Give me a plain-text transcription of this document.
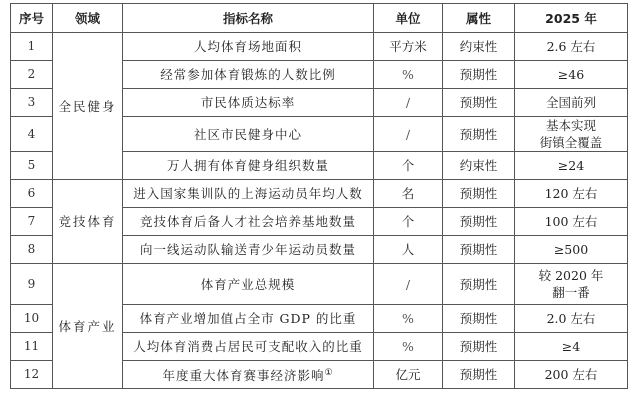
序号	领域	指标名称	单位	属性	2025 年
1	全民健身	人均体育场地面积	平方米	约束性	2.6 左右
2		经常参加体育锻炼的人数比例	%	预期性	≥46
3		市民体质达标率	/	预期性	全国前列
4		社区市民健身中心	/	预期性	基本实现
街镇全覆盖

5		万人拥有体育健身组织数量	个	约束性	≥24
6	竞技体育	进入国家集训队的上海运动员年均人数	名	预期性	120 左右
7		竞技体育后备人才社会培养基地数量	个	预期性	100 左右
8		向一线运动队输送青少年运动员数量	人	预期性	≥500
9	体育产业	体育产业总规模	/	预期性	较 2020 年
翻一番

10		体育产业增加值占全市 GDP 的比重	%	预期性	2.0 左右
11		人均体育消费占居民可支配收入的比重	%	预期性	≥4
12		年度重大体育赛事经济影响①	亿元	预期性	200 左右
